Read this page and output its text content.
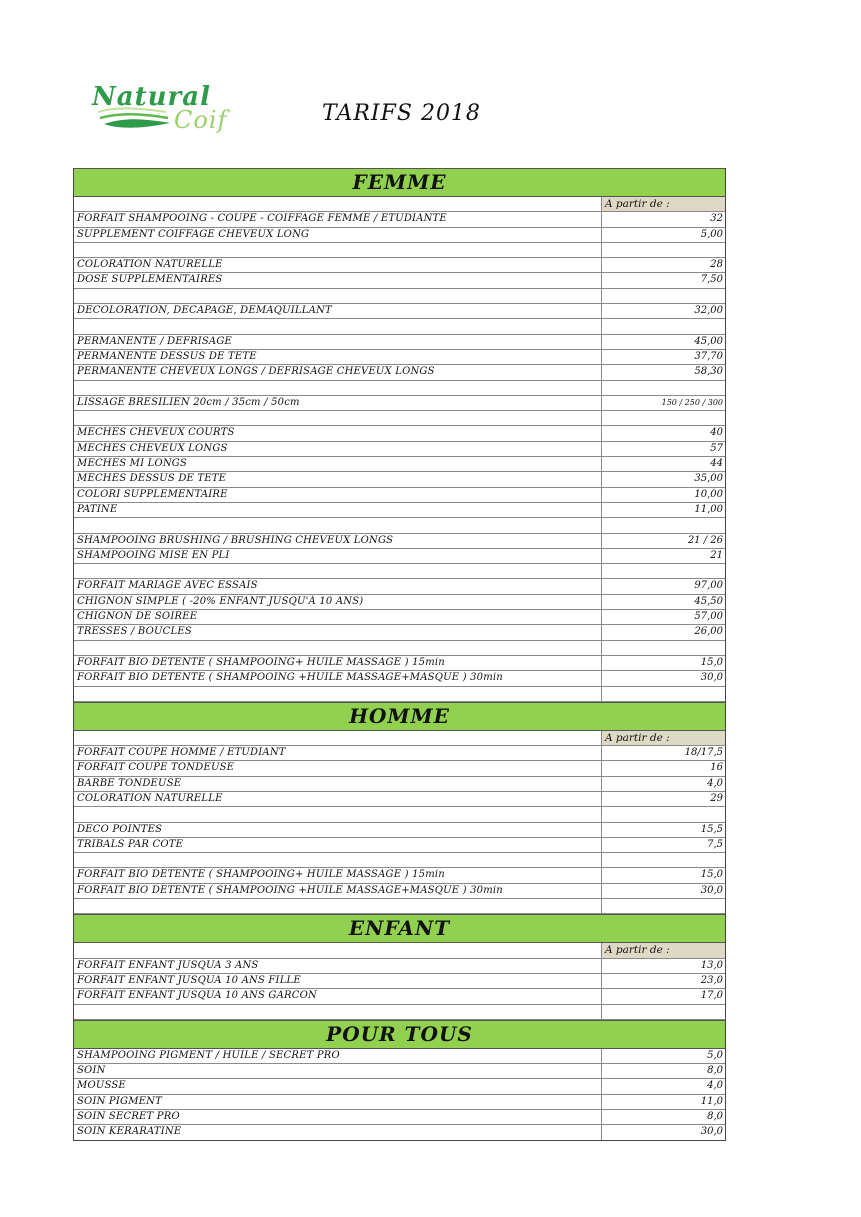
Natural
Coif	TARIFS 2018
FEMME
A partir de :
FORFAIT SHAMPOOING - COUPE - COIFFAGE FEMME / ETUDIANTE	32
SUPPLEMENT COIFFAGE CHEVEUX LONG	5,00
COLORATION NATURELLE	28
DOSE SUPPLEMENTAIRES	7,50
DECOLORATION, DECAPAGE, DEMAQUILLANT	32,00
PERMANENTE / DEFRISAGE	45,00
PERMANENTE DESSUS DE TETE	37,70
PERMANENTE CHEVEUX LONGS / DEFRISAGE CHEVEUX LONGS	58,30
LISSAGE BRESILIEN 20cm / 35cm / 50cm	150 / 250 / 300
MECHES CHEVEUX COURTS	40
MECHES CHEVEUX LONGS	57
MECHES MI LONGS	44
MECHES DESSUS DE TETE	35,00
COLORI SUPPLEMENTAIRE	10,00
PATINE	11,00
SHAMPOOING BRUSHING / BRUSHING CHEVEUX LONGS	21 / 26
SHAMPOOING MISE EN PLI	21
FORFAIT MARIAGE AVEC ESSAIS	97,00
CHIGNON SIMPLE ( -20% ENFANT JUSQU'À 10 ANS)	45,50
CHIGNON DE SOIREE	57,00
TRESSES / BOUCLES	26,00
FORFAIT BIO DETENTE ( SHAMPOOING+ HUILE MASSAGE ) 15min	15,0
FORFAIT BIO DETENTE ( SHAMPOOING +HUILE MASSAGE+MASQUE ) 30min	30,0
HOMME
A partir de :
FORFAIT COUPE HOMME / ETUDIANT	18/17,5
FORFAIT COUPE TONDEUSE	16
BARBE TONDEUSE	4,0
COLORATION NATURELLE	29
DECO POINTES	15,5
TRIBALS PAR COTE	7,5
FORFAIT BIO DETENTE ( SHAMPOOING+ HUILE MASSAGE ) 15min	15,0
FORFAIT BIO DETENTE ( SHAMPOOING +HUILE MASSAGE+MASQUE ) 30min	30,0
ENFANT
A partir de :
FORFAIT ENFANT JUSQUA 3 ANS	13,0
FORFAIT ENFANT JUSQUA 10 ANS FILLE	23,0
FORFAIT ENFANT JUSQUA 10 ANS GARCON	17,0
POUR TOUS
SHAMPOOING PIGMENT / HUILE / SECRET PRO	5,0
SOIN	8,0
MOUSSE	4,0
SOIN PIGMENT	11,0
SOIN SECRET PRO	8,0
SOIN KERARATINE	30,0
